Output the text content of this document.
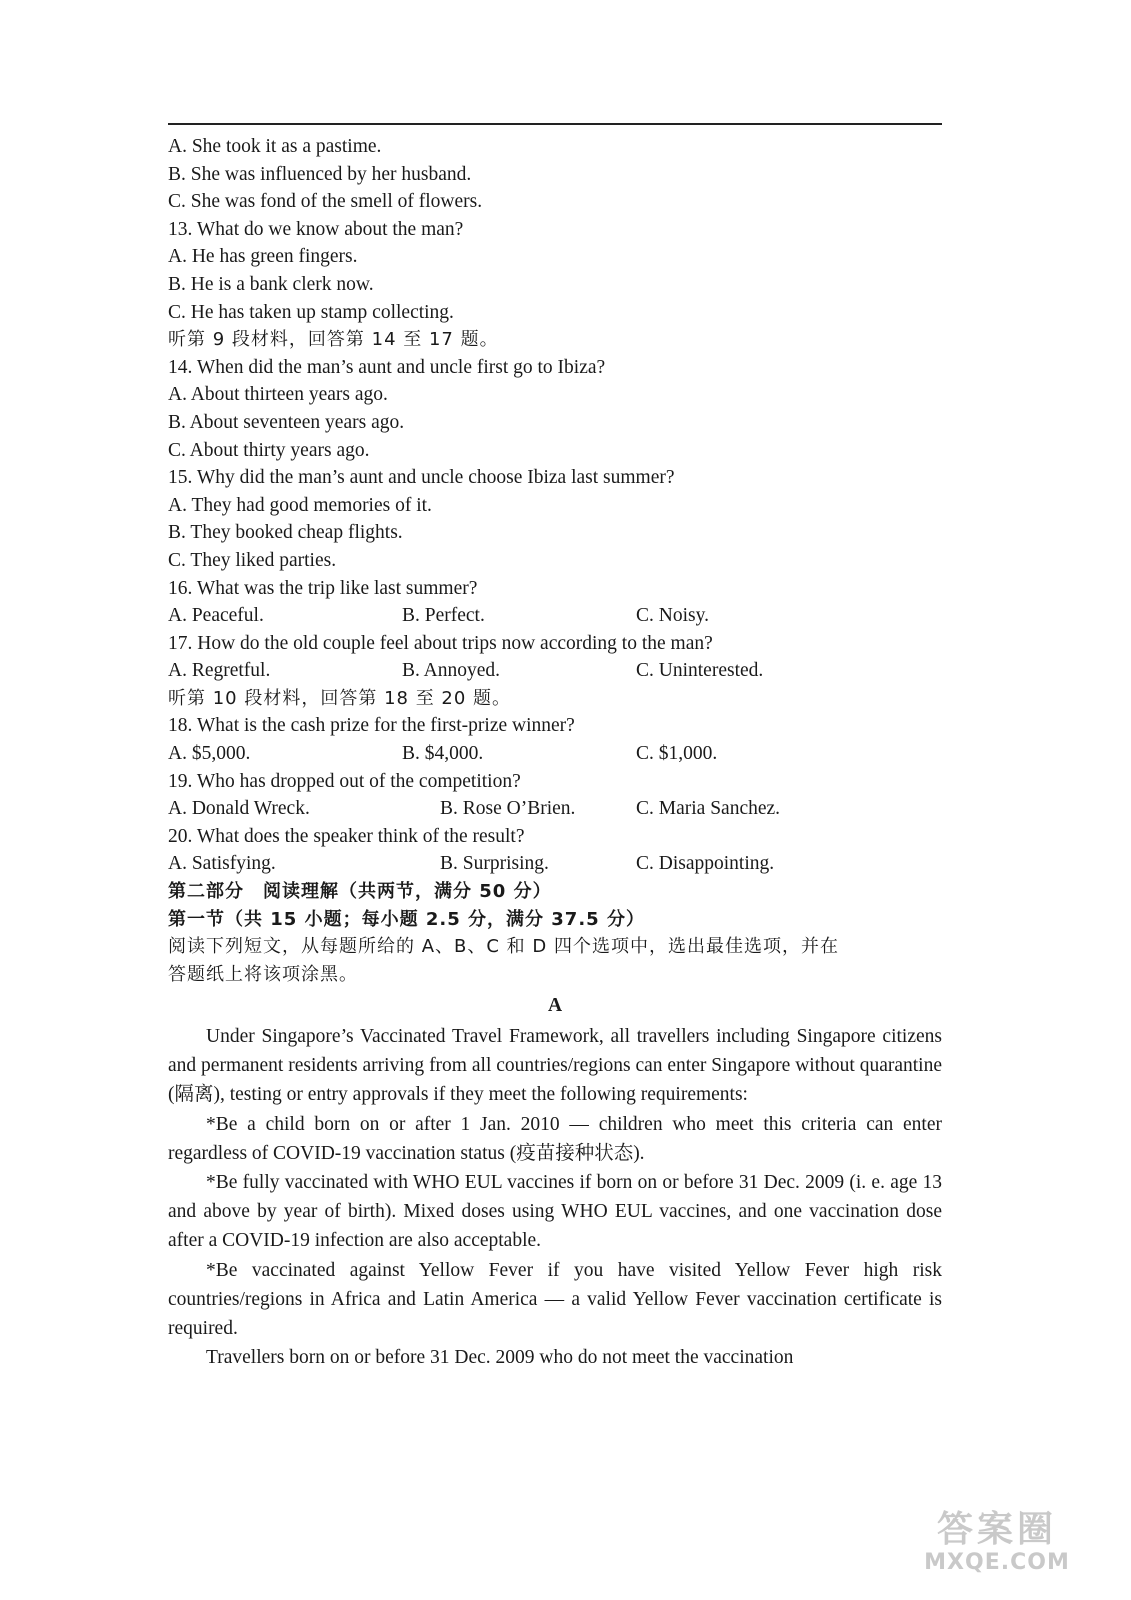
A. She took it as a pastime.
B. She was influenced by her husband.
C. She was fond of the smell of flowers.
13. What do we know about the man?
A. He has green fingers.
B. He is a bank clerk now.
C. He has taken up stamp collecting.
听第 9 段材料，回答第 14 至 17 题。
14. When did the man’s aunt and uncle first go to Ibiza?
A. About thirteen years ago.
B. About seventeen years ago.
C. About thirty years ago.
15. Why did the man’s aunt and uncle choose Ibiza last summer?
A. They had good memories of it.
B. They booked cheap flights.
C. They liked parties.
16. What was the trip like last summer?
A. Peaceful.	B. Perfect.	C. Noisy.
17. How do the old couple feel about trips now according to the man?
A. Regretful.	B. Annoyed.	C. Uninterested.
听第 10 段材料，回答第 18 至 20 题。
18. What is the cash prize for the first-prize winner?
A. $5,000.	B. $4,000.	C. $1,000.
19. Who has dropped out of the competition?
A. Donald Wreck.	B. Rose O’Brien.	C. Maria Sanchez.
20. What does the speaker think of the result?
A. Satisfying.	B. Surprising.	C. Disappointing.
第二部分　阅读理解（共两节，满分 50 分）
第一节（共 15 小题；每小题 2.5 分，满分 37.5 分）
阅读下列短文，从每题所给的 A、B、C 和 D 四个选项中，选出最佳选项，并在
答题纸上将该项涂黑。
A

Under Singapore’s Vaccinated Travel Framework, all travellers including Singapore citizens and permanent residents arriving from all countries/regions can enter Singapore without quarantine (隔离), testing or entry approvals if they meet the following requirements:

*Be a child born on or after 1 Jan. 2010 — children who meet this criteria can enter regardless of COVID-19 vaccination status (疫苗接种状态).

*Be fully vaccinated with WHO EUL vaccines if born on or before 31 Dec. 2009 (i. e. age 13 and above by year of birth). Mixed doses using WHO EUL vaccines, and one vaccination dose after a COVID-19 infection are also acceptable.

*Be vaccinated against Yellow Fever if you have visited Yellow Fever high risk countries/regions in Africa and Latin America — a valid Yellow Fever vaccination certificate is required.

Travellers born on or before 31 Dec. 2009 who do not meet the vaccination

答案圈
MXQE.COM
